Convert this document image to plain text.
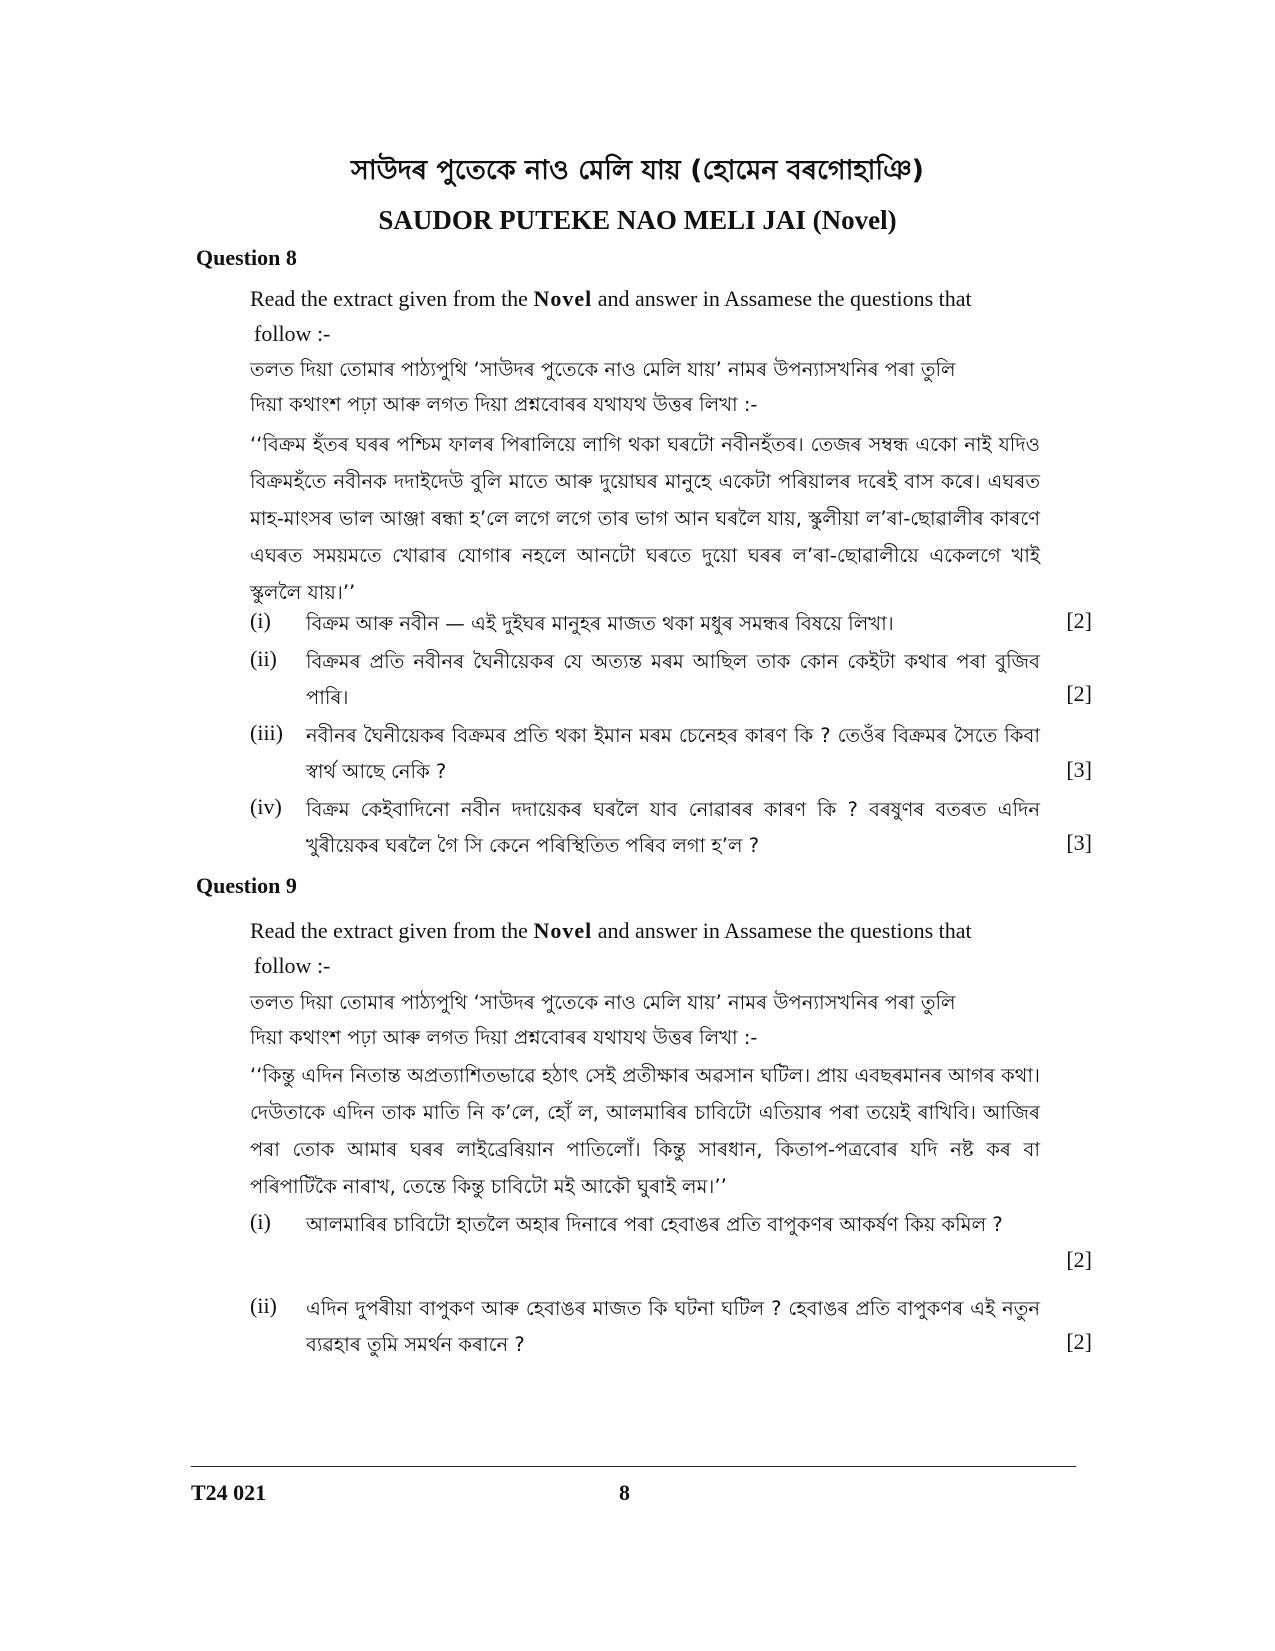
সাউদৰ পুতেকে নাও মেলি যায় (হোমেন বৰগোহাঞি)
SAUDOR PUTEKE NAO MELI JAI (Novel)
Question 8
Read the extract given from the Novel and answer in Assamese the questions that
follow :-
তলত দিয়া তোমাৰ পাঠ্যপুথি ‘সাউদৰ পুতেকে নাও মেলি যায়’ নামৰ উপন্যাসখনিৰ পৰা তুলি
দিয়া কথাংশ পঢ়া আৰু লগত দিয়া প্ৰশ্নবোৰৰ যথাযথ উত্তৰ লিখা :-
‘‘বিক্ৰম হঁতৰ ঘৰৰ পশ্চিম ফালৰ পিৰালিয়ে লাগি থকা ঘৰটো নবীনহঁতৰ। তেজৰ সম্বন্ধ একো নাই যদিও বিক্ৰমহঁতে নবীনক দদাইদেউ বুলি মাতে আৰু দুয়োঘৰ মানুহে একেটা পৰিয়ালৰ দৰেই বাস কৰে। এঘৰত মাহ-মাংসৰ ভাল আঞ্জা ৰন্ধা হ’লে লগে লগে তাৰ ভাগ আন ঘৰলৈ যায়, স্কুলীয়া ল’ৰা-ছোৱালীৰ কাৰণে এঘৰত সময়মতে খোৱাৰ যোগাৰ নহলে আনটো ঘৰতে দুয়ো ঘৰৰ ল’ৰা-ছোৱালীয়ে একেলগে খাই স্কুললৈ যায়।’’
(i) বিক্ৰম আৰু নবীন — এই দুইঘৰ মানুহৰ মাজত থকা মধুৰ সমন্ধৰ বিষয়ে লিখা।	[2]
(ii) বিক্ৰমৰ প্ৰতি নবীনৰ ঘৈনীয়েকৰ যে অত্যন্ত মৰম আছিল তাক কোন কেইটা কথাৰ পৰা বুজিব পাৰি।	[2]
(iii) নবীনৰ ঘৈনীয়েকৰ বিক্ৰমৰ প্ৰতি থকা ইমান মৰম চেনেহৰ কাৰণ কি ? তেওঁৰ বিক্ৰমৰ সৈতে কিবা স্বাৰ্থ আছে নেকি ?	[3]
(iv) বিক্ৰম কেইবাদিনো নবীন দদায়েকৰ ঘৰলৈ যাব নোৱাৰৰ কাৰণ কি ? বৰষুণৰ বতৰত এদিন খুৰীয়েকৰ ঘৰলৈ গৈ সি কেনে পৰিস্থিতিত পৰিব লগা হ’ল ?	[3]
Question 9
Read the extract given from the Novel and answer in Assamese the questions that
follow :-
তলত দিয়া তোমাৰ পাঠ্যপুথি ‘সাউদৰ পুতেকে নাও মেলি যায়’ নামৰ উপন্যাসখনিৰ পৰা তুলি
দিয়া কথাংশ পঢ়া আৰু লগত দিয়া প্ৰশ্নবোৰৰ যথাযথ উত্তৰ লিখা :-
‘‘কিন্তু এদিন নিতান্ত অপ্ৰত্যাশিতভাৱে হঠাৎ সেই প্ৰতীক্ষাৰ অৱসান ঘটিল। প্ৰায় এবছৰমানৰ আগৰ কথা। দেউতাকে এদিন তাক মাতি নি ক’লে, হোঁ ল, আলমাৰিৰ চাবিটো এতিয়াৰ পৰা তয়েই ৰাখিবি। আজিৰ পৰা তোক আমাৰ ঘৰৰ লাইব্ৰেৰিয়ান পাতিলোঁ। কিন্তু সাৰধান, কিতাপ-পত্ৰবোৰ যদি নষ্ট কৰ বা পৰিপাটিকৈ নাৰাখ, তেন্তে কিন্তু চাবিটো মই আকৌ ঘুৰাই লম।’’
(i) আলমাৰিৰ চাবিটো হাতলৈ অহাৰ দিনাৰে পৰা হেবাঙৰ প্ৰতি বাপুকণৰ আকৰ্ষণ কিয় কমিল ?
[2]
(ii) এদিন দুপৰীয়া বাপুকণ আৰু হেবাঙৰ মাজত কি ঘটনা ঘটিল ? হেবাঙৰ প্ৰতি বাপুকণৰ এই নতুন ব্যৱহাৰ তুমি সমৰ্থন কৰানে ?	[2]
T24 021	8
